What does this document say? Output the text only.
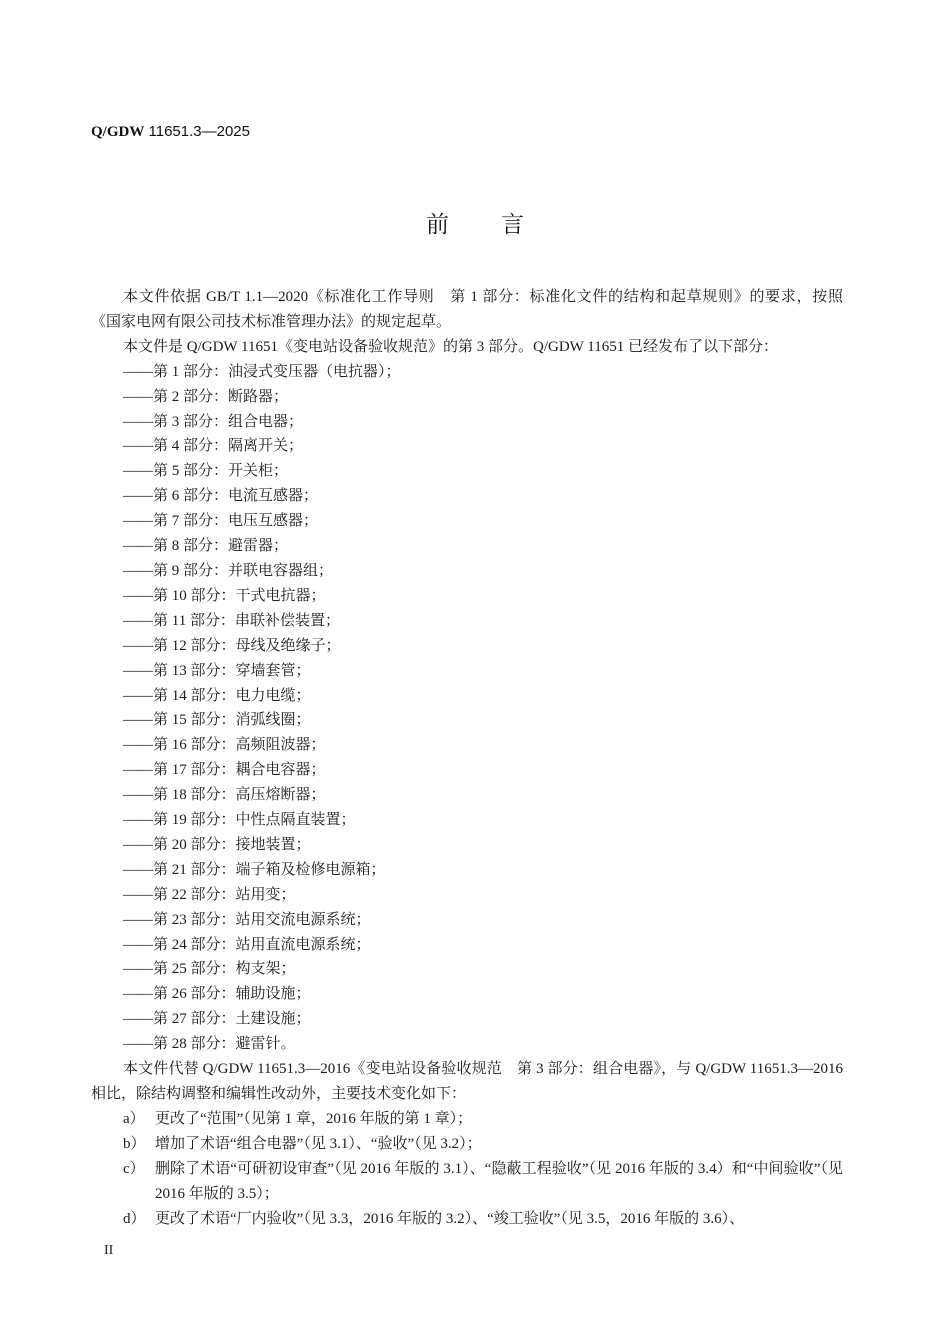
Q/GDW 11651.3—2025
前言

本文件依据 GB/T 1.1—2020《标准化工作导则　第 1 部分：标准化文件的结构和起草规则》的要求，按照《国家电网有限公司技术标准管理办法》的规定起草。

本文件是 Q/GDW 11651《变电站设备验收规范》的第 3 部分。Q/GDW 11651 已经发布了以下部分：

——第 1 部分：油浸式变压器（电抗器）；

——第 2 部分：断路器；

——第 3 部分：组合电器；

——第 4 部分：隔离开关；

——第 5 部分：开关柜；

——第 6 部分：电流互感器；

——第 7 部分：电压互感器；

——第 8 部分：避雷器；

——第 9 部分：并联电容器组；

——第 10 部分：干式电抗器；

——第 11 部分：串联补偿装置；

——第 12 部分：母线及绝缘子；

——第 13 部分：穿墙套管；

——第 14 部分：电力电缆；

——第 15 部分：消弧线圈；

——第 16 部分：高频阻波器；

——第 17 部分：耦合电容器；

——第 18 部分：高压熔断器；

——第 19 部分：中性点隔直装置；

——第 20 部分：接地装置；

——第 21 部分：端子箱及检修电源箱；

——第 22 部分：站用变；

——第 23 部分：站用交流电源系统；

——第 24 部分：站用直流电源系统；

——第 25 部分：构支架；

——第 26 部分：辅助设施；

——第 27 部分：土建设施；

——第 28 部分：避雷针。

本文件代替 Q/GDW 11651.3—2016《变电站设备验收规范　第 3 部分：组合电器》，与 Q/GDW 11651.3—2016 相比，除结构调整和编辑性改动外，主要技术变化如下：

a） 更改了“范围”（见第 1 章，2016 年版的第 1 章）；
b） 增加了术语“组合电器”（见 3.1）、“验收”（见 3.2）；
c） 删除了术语“可研初设审查”（见 2016 年版的 3.1）、“隐蔽工程验收”（见 2016 年版的 3.4）和“中间验收”（见 2016 年版的 3.5）；
d） 更改了术语“厂内验收”（见 3.3，2016 年版的 3.2）、“竣工验收”（见 3.5，2016 年版的 3.6）、
II
